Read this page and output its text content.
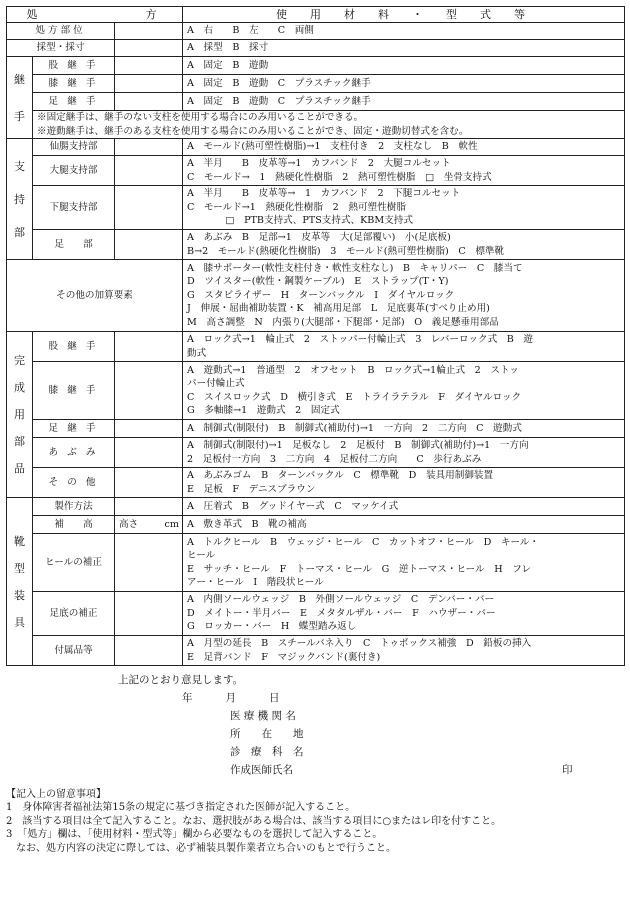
処　　　　　　方			使　用　材　料　・　型　式　等
処方部位			A　右　　B　左　　C　両側
採型・採寸			A　採型　B　採寸

継
手	股 継 手		A　固定　B　遊動
	膝 継 手		A　固定　B　遊動　C　プラスチック継手
	足 継 手		A　固定　B　遊動　C　プラスチック継手
	※固定継手は、継手のない支柱を使用する場合にのみ用いることができる。		
	※遊動継手は、継手のある支柱を使用する場合にのみ用いることができ、固定・遊動切替式を含む。		

支
持
部	仙腸支持部		A　モールド(熱可塑性樹脂)→1　支柱付き　2　支柱なし　B　軟性

	大腿支持部		A　半月　　B　皮革等→1　カフバンド　2　大腿コルセット
C　モールド→　1　熱硬化性樹脂　2　熱可塑性樹脂　□　坐骨支持式

	下腿支持部		A　半月　　B　皮革等→　1　カフバンド　2　下腿コルセット
C　モールド→1　熱硬化性樹脂　2　熱可塑性樹脂
　　　　□　PTB支持式、PTS支持式、KBM支持式

	足　　部		A　あぶみ　B　足部→1　皮革等　大(足部覆い)　小(足底板)
B→2　モールド(熱硬化性樹脂)　3　モールド(熱可塑性樹脂)　C　標準靴

その他の加算要素			A　膝サポーター(軟性支柱付き・軟性支柱なし)　B　キャリパー　C　膝当て
D　ツイスター(軟性・鋼製ケーブル)　E　ストラップ(T・Y)
G　スタビライザー　H　ターンバックル　I　ダイヤルロック
J　伸展・屈曲補助装置・K　補高用足部　L　足底裏革(すべり止め用)
M　高さ調整　N　内張り(大腿部・下腿部・足部)　O　義足懸垂用部品

完
成
用
部
品	股 継 手		A　ロック式→1　輪止式　2　ストッパー付輪止式　3　レバーロック式　B　遊
動式

	膝 継 手		A　遊動式→1　普通型　2　オフセット　B　ロック式→1輪止式　2　ストッ
パー付輪止式
C　スイスロック式　D　横引き式　E　トライラテラル　F　ダイヤルロック
G　多軸膝→1　遊動式　2　固定式

	足 継 手		A　制御式(制限付)　B　制御式(補助付)→1　一方向　2　二方向　C　遊動式

	あ ぶ み		A　制御式(制限付)→1　足板なし　2　足板付　B　制御式(補助付)→1　一方向
2　足板付一方向　3　二方向　4　足板付二方向　　C　歩行あぶみ

	そ の 他		A　あぶみゴム　B　ターンバックル　C　標準靴　D　装具用制御装置
E　足板　F　デニスブラウン

靴
型
装
具	製作方法		A　圧着式　B　グッドイヤー式　C　マッケイ式
	補　　高	高さ cm	A　敷き革式　B　靴の補高
	ヒールの補正		A　トルクヒール　B　ウェッジ・ヒール　C　カットオフ・ヒール　D　キール・
ヒール
E　サッチ・ヒール　F　トーマス・ヒール　G　逆トーマス・ヒール　H　フレ
アー・ヒール　I　階段状ヒール

	足底の補正		A　内側ソールウェッジ　B　外側ソールウェッジ　C　デンバー・バー
D　メイトー・半月バー　E　メタタルザル・バー　F　ハウザー・バー
G　ロッカー・バー　H　蝶型踏み返し

	付属品等		A　月型の延長　B　スチールバネ入り　C　トゥボックス補強　D　鉛板の挿入
E　足背バンド　F　マジックバンド(裏付き)
上記のとおり意見します。
年　　月　　日
医 療 機 関 名
所　　在　　地
診　療　科　名
作成医師氏名	印
【記入上の留意事項】
1　身体障害者福祉法第15条の規定に基づき指定された医師が記入すること。
2　該当する項目は全て記入すること。なお、選択肢がある場合は、該当する項目に○またはレ印を付すこと。
3　「処方」欄は、「使用材料・型式等」欄から必要なものを選択して記入すること。
　なお、処方内容の決定に際しては、必ず補装具製作業者立ち合いのもとで行うこと。
